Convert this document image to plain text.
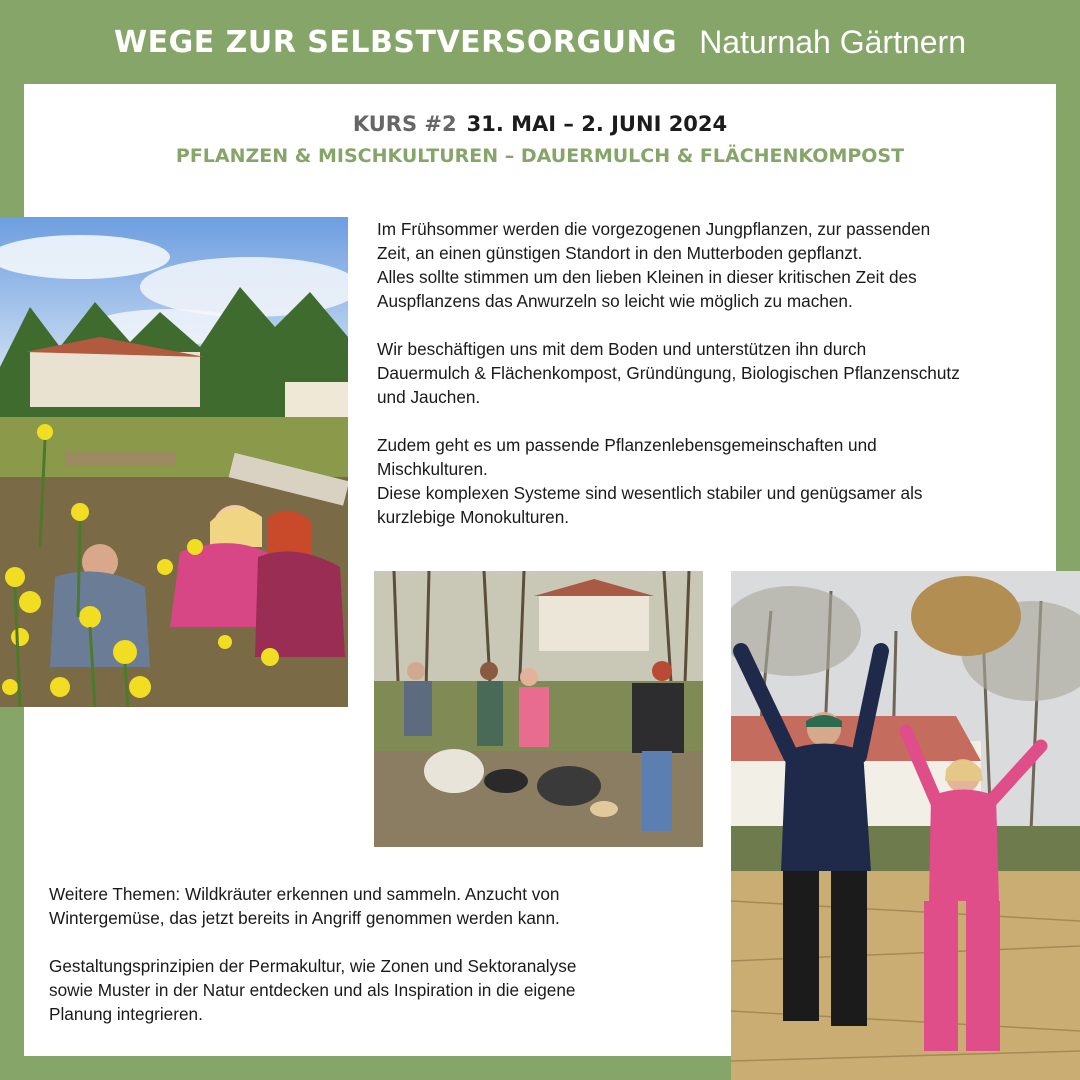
WEGE ZUR SELBSTVERSORGUNG Naturnah Gärtnern
KURS #2 31. MAI – 2. JUNI 2024
PFLANZEN & MISCHKULTUREN – DAUERMULCH & FLÄCHENKOMPOST

Im Frühsommer werden die vorgezogenen Jungpflanzen, zur passenden
Zeit, an einen günstigen Standort in den Mutterboden gepflanzt.
Alles sollte stimmen um den lieben Kleinen in dieser kritischen Zeit des
Auspflanzens das Anwurzeln so leicht wie möglich zu machen.

Wir beschäftigen uns mit dem Boden und unterstützen ihn durch
Dauermulch & Flächenkompost, Gründüngung, Biologischen Pflanzenschutz
und Jauchen.

Zudem geht es um passende Pflanzenlebensgemeinschaften und
Mischkulturen.
Diese komplexen Systeme sind wesentlich stabiler und genügsamer als
kurzlebige Monokulturen.

Weitere Themen: Wildkräuter erkennen und sammeln. Anzucht von
Wintergemüse, das jetzt bereits in Angriff genommen werden kann.

Gestaltungsprinzipien der Permakultur, wie Zonen und Sektoranalyse
sowie Muster in der Natur entdecken und als Inspiration in die eigene
Planung integrieren.
